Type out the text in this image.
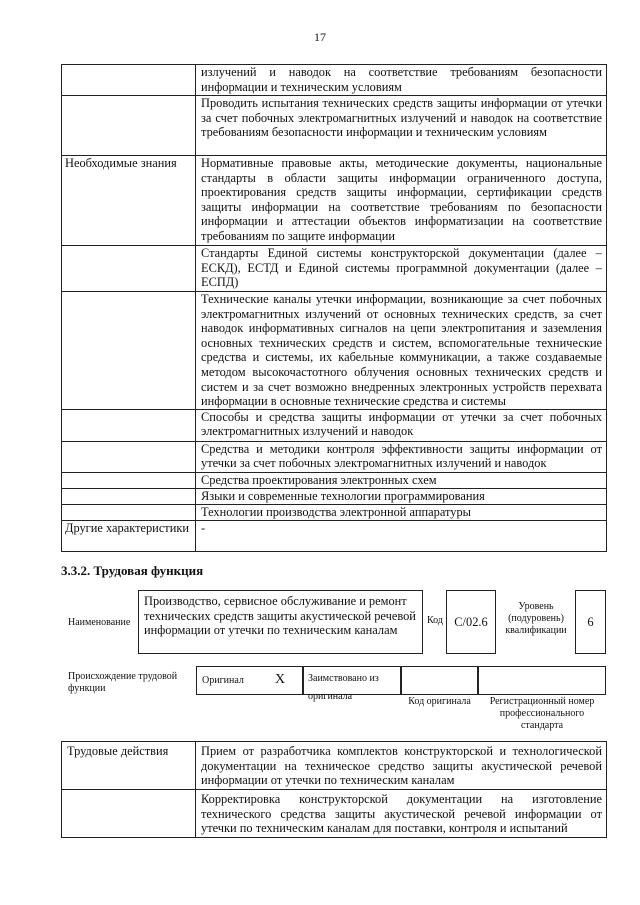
17
	излучений и наводок на соответствие требованиям безопасности информации и техническим условиям
	Проводить испытания технических средств защиты информации от утечки за счет побочных электромагнитных излучений и наводок на соответствие требованиям безопасности информации и техническим условиям
Необходимые знания	Нормативные правовые акты, методические документы, национальные стандарты в области защиты информации ограниченного доступа, проектирования средств защиты информации, сертификации средств защиты информации на соответствие требованиям по безопасности информации и аттестации объектов информатизации на соответствие требованиям по защите информации
	Стандарты Единой системы конструкторской документации (далее – ЕСКД), ЕСТД и Единой системы программной документации (далее – ЕСПД)
	Технические каналы утечки информации, возникающие за счет побочных электромагнитных излучений от основных технических средств, за счет наводок информативных сигналов на цепи электропитания и заземления основных технических средств и систем, вспомогательные технические средства и системы, их кабельные коммуникации, а также создаваемые методом высокочастотного облучения основных технических средств и систем и за счет возможно внедренных электронных устройств перехвата информации в основные технические средства и системы
	Способы и средства защиты информации от утечки за счет побочных электромагнитных излучений и наводок
	Средства и методики контроля эффективности защиты информации от утечки за счет побочных электромагнитных излучений и наводок
	Средства проектирования электронных схем
	Языки и современные технологии программирования
	Технологии производства электронной аппаратуры
Другие характеристики	-
3.3.2. Трудовая функция
Наименование
Производство, сервисное обслуживание и ремонт технических средств защиты акустической речевой информации от утечки по техническим каналам
Код С/02.6
Уровень (подуровень) квалификации
6
Происхождение трудовой функции
Оригинал Х	Заимствовано из оригинала	Код оригинала	Регистрационный номер профессионального стандарта
Трудовые действия	Прием от разработчика комплектов конструкторской и технологической документации на техническое средство защиты акустической речевой информации от утечки по техническим каналам
	Корректировка конструкторской документации на изготовление технического средства защиты акустической речевой информации от утечки по техническим каналам для поставки, контроля и испытаний
